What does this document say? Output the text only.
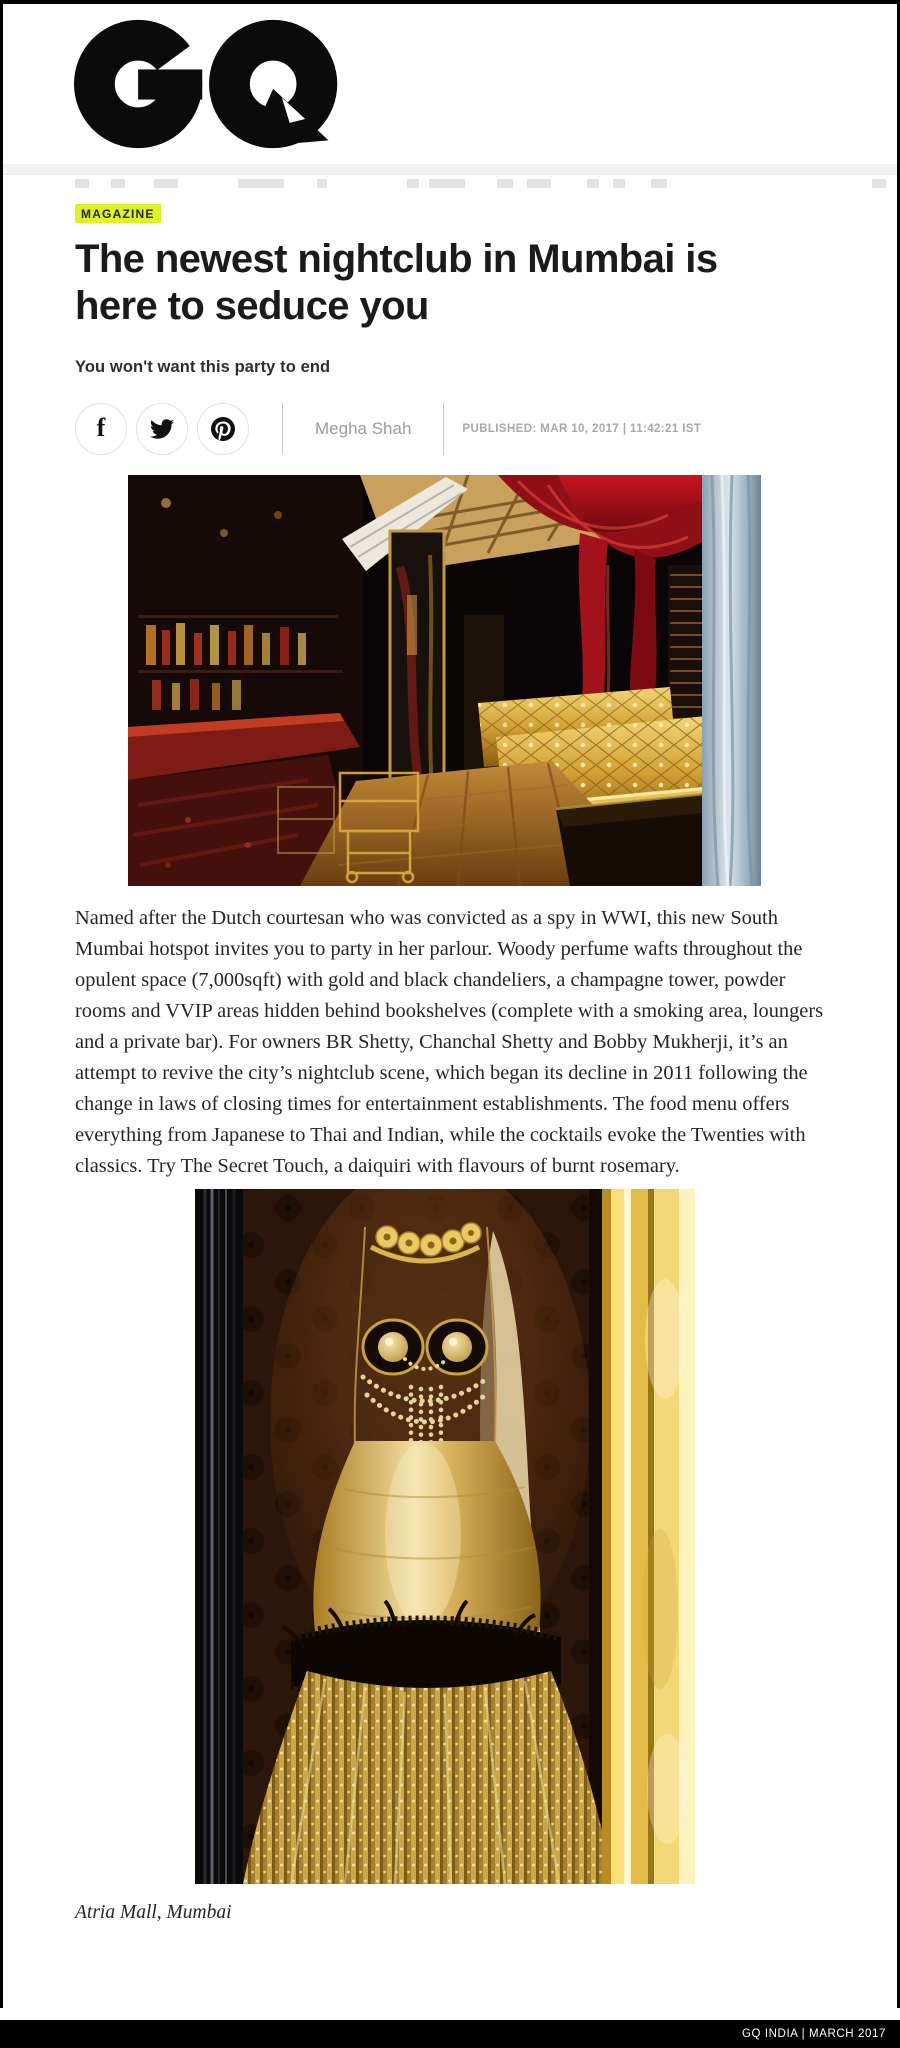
MAGAZINE
The newest nightclub in Mumbai is here to seduce you
You won't want this party to end
f	Megha Shah	PUBLISHED: MAR 10, 2017 | 11:42:21 IST

Named after the Dutch courtesan who was convicted as a spy in WWI, this new South Mumbai hotspot invites you to party in her parlour. Woody perfume wafts throughout the opulent space (7,000sqft) with gold and black chandeliers, a champagne tower, powder rooms and VVIP areas hidden behind bookshelves (complete with a smoking area, loungers and a private bar). For owners BR Shetty, Chanchal Shetty and Bobby Mukherji, it’s an attempt to revive the city’s nightclub scene, which began its decline in 2011 following the change in laws of closing times for entertainment establishments. The food menu offers everything from Japanese to Thai and Indian, while the cocktails evoke the Twenties with classics. Try The Secret Touch, a daiquiri with flavours of burnt rosemary.

Atria Mall, Mumbai
GQ INDIA | MARCH 2017
